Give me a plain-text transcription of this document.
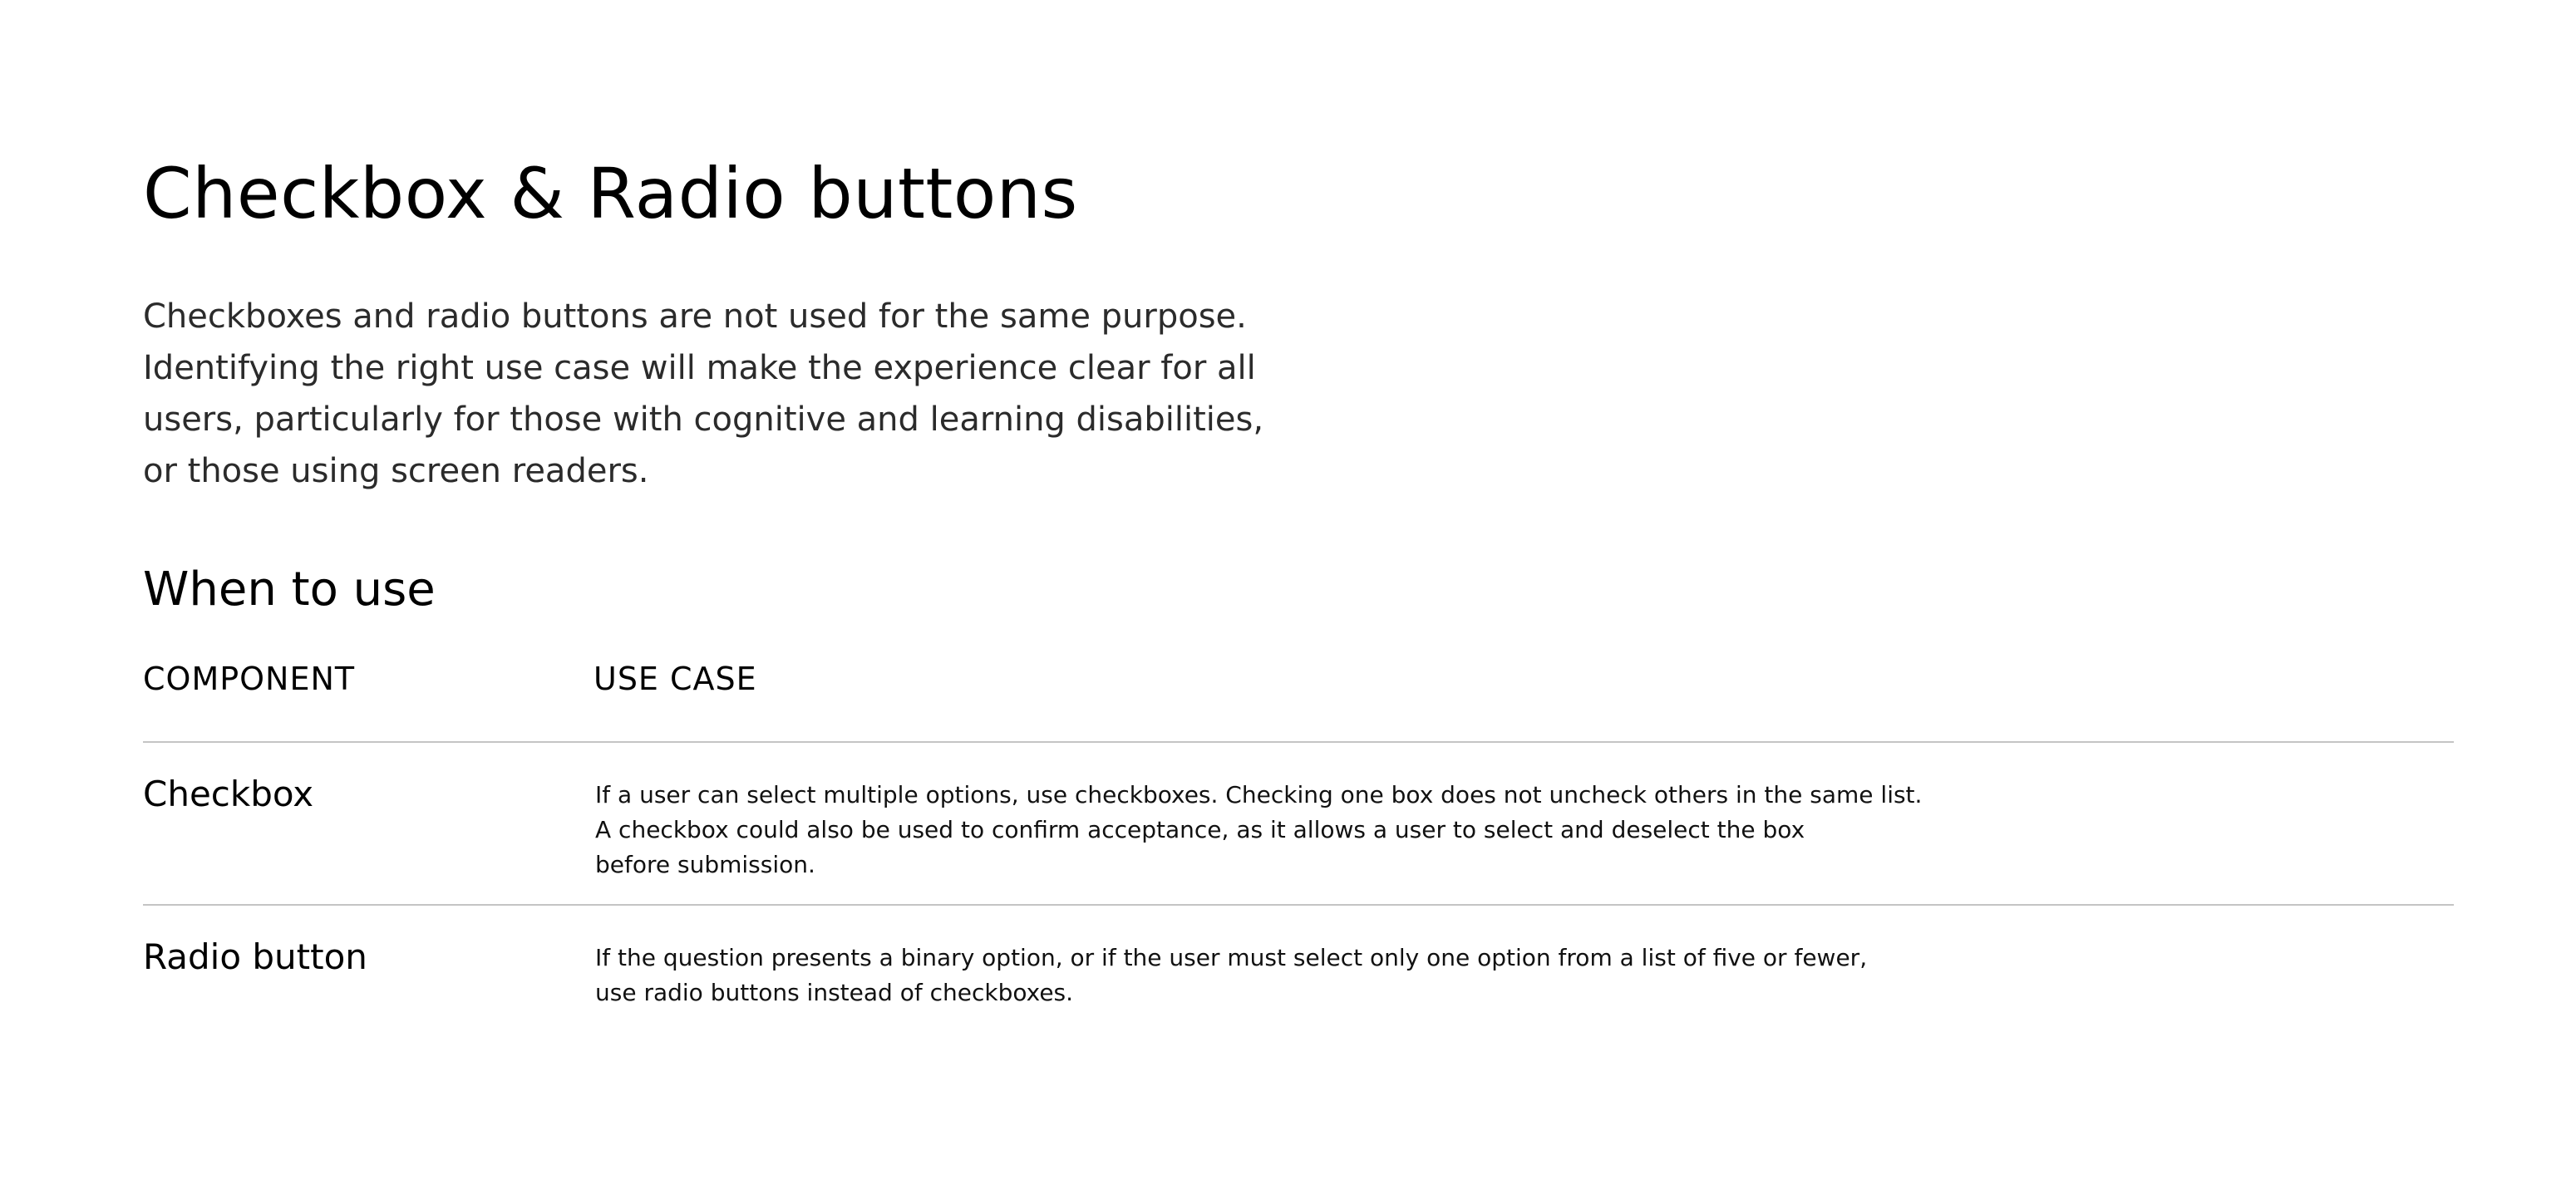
Checkbox & Radio buttons

Checkboxes and radio buttons are not used for the same purpose.
Identifying the right use case will make the experience clear for all
users, particularly for those with cognitive and learning disabilities,
or those using screen readers.

When to use
COMPONENT	USE CASE
Checkbox	If a user can select multiple options, use checkboxes. Checking one box does not uncheck others in the same list.
A checkbox could also be used to confirm acceptance, as it allows a user to select and deselect the box
before submission.
Radio button	If the question presents a binary option, or if the user must select only one option from a list of five or fewer,
use radio buttons instead of checkboxes.
